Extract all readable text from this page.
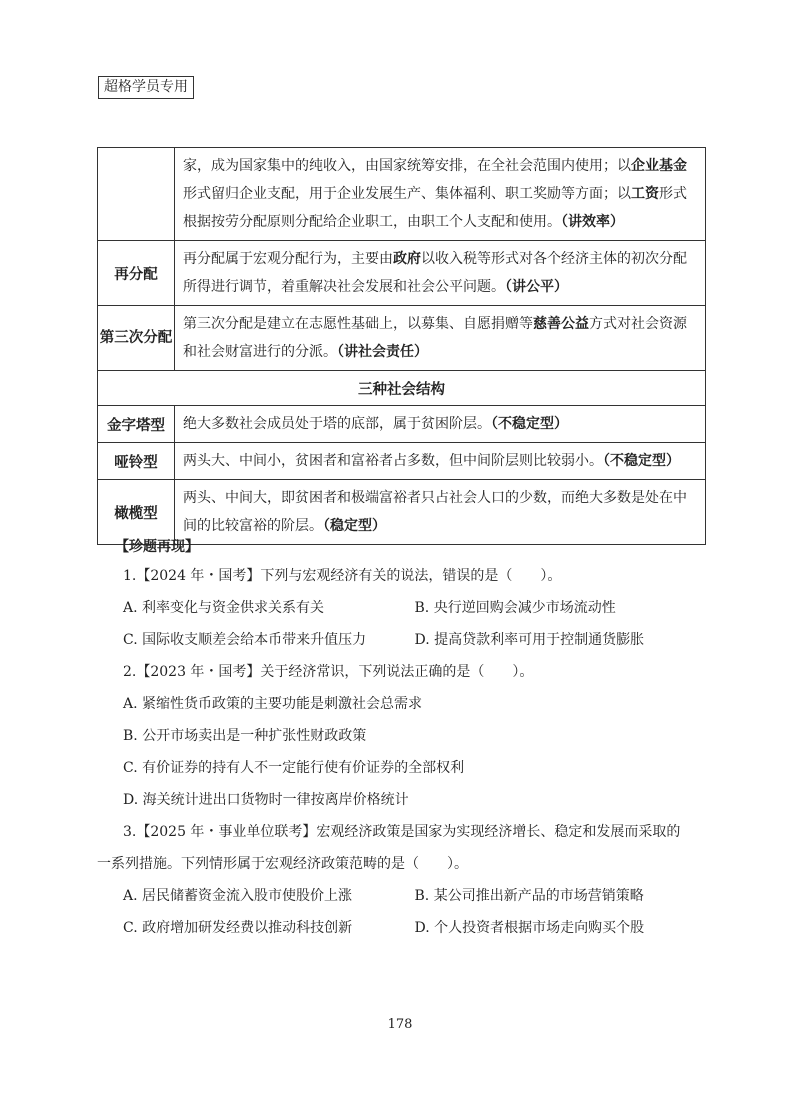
超格学员专用
	家，成为国家集中的纯收入，由国家统筹安排，在全社会范围内使用；以企业基金形式留归企业支配，用于企业发展生产、集体福利、职工奖励等方面；以工资形式根据按劳分配原则分配给企业职工，由职工个人支配和使用。（讲效率）
再分配	再分配属于宏观分配行为，主要由政府以收入税等形式对各个经济主体的初次分配所得进行调节，着重解决社会发展和社会公平问题。（讲公平）
第三次分配	第三次分配是建立在志愿性基础上，以募集、自愿捐赠等慈善公益方式对社会资源和社会财富进行的分派。（讲社会责任）
三种社会结构	
金字塔型	绝大多数社会成员处于塔的底部，属于贫困阶层。（不稳定型）
哑铃型	两头大、中间小，贫困者和富裕者占多数，但中间阶层则比较弱小。（不稳定型）
橄榄型	两头、中间大，即贫困者和极端富裕者只占社会人口的少数，而绝大多数是处在中间的比较富裕的阶层。（稳定型）
【珍题再现】
1.【2024 年・国考】下列与宏观经济有关的说法，错误的是（　　）。
A. 利率变化与资金供求关系有关	B. 央行逆回购会减少市场流动性
C. 国际收支顺差会给本币带来升值压力	D. 提高贷款利率可用于控制通货膨胀
2.【2023 年・国考】关于经济常识，下列说法正确的是（　　）。
A. 紧缩性货币政策的主要功能是刺激社会总需求
B. 公开市场卖出是一种扩张性财政政策
C. 有价证券的持有人不一定能行使有价证券的全部权利
D. 海关统计进出口货物时一律按离岸价格统计
3.【2025 年・事业单位联考】宏观经济政策是国家为实现经济增长、稳定和发展而采取的
一系列措施。下列情形属于宏观经济政策范畴的是（　　）。
A. 居民储蓄资金流入股市使股价上涨	B. 某公司推出新产品的市场营销策略
C. 政府增加研发经费以推动科技创新	D. 个人投资者根据市场走向购买个股
178
